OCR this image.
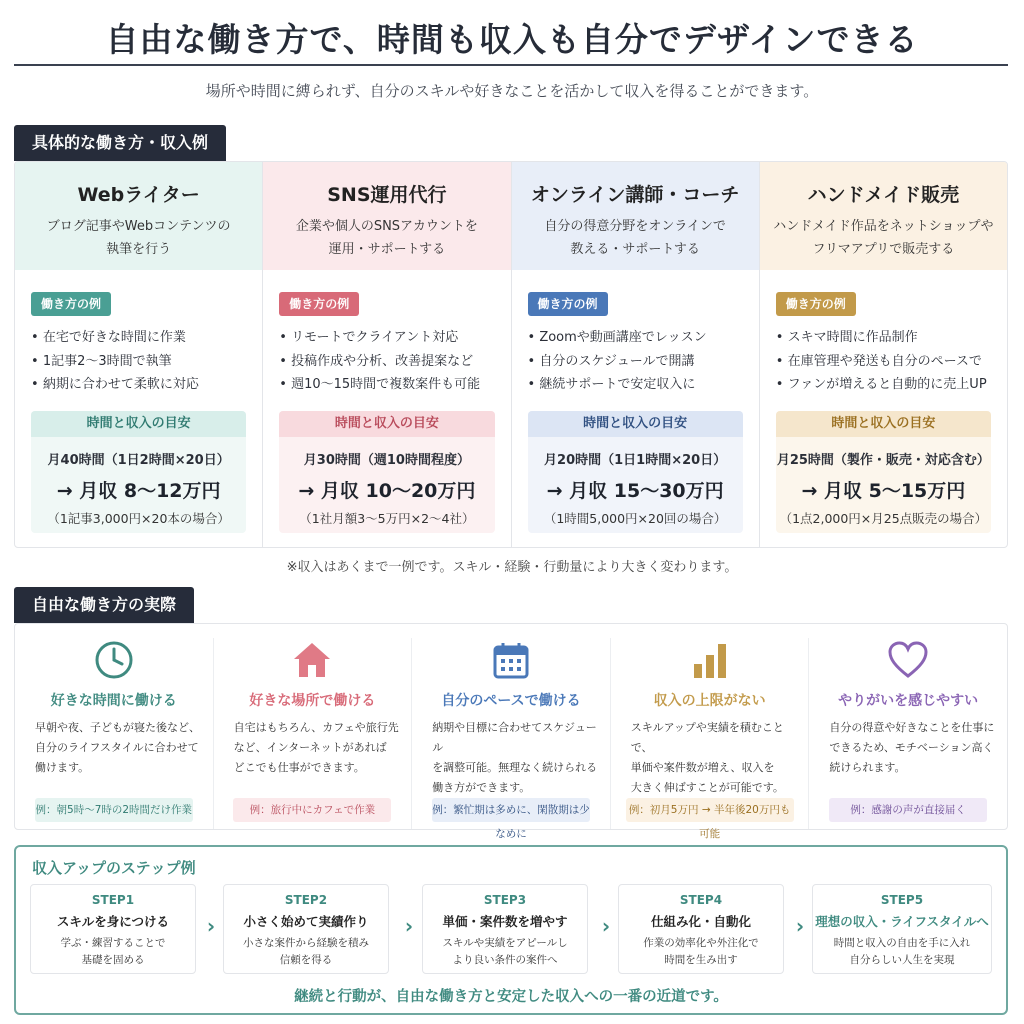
自由な働き方で、時間も収入も自分でデザインできる
場所や時間に縛られず、自分のスキルや好きなことを活かして収入を得ることができます。
具体的な働き方・収入例
Webライター
ブログ記事やWebコンテンツの
執筆を行う
働き方の例
• 在宅で好きな時間に作業
• 1記事2〜3時間で執筆
• 納期に合わせて柔軟に対応
時間と収入の目安
月40時間（1日2時間×20日）
→ 月収 8〜12万円
（1記事3,000円×20本の場合）
SNS運用代行
企業や個人のSNSアカウントを
運用・サポートする
働き方の例
• リモートでクライアント対応
• 投稿作成や分析、改善提案など
• 週10〜15時間で複数案件も可能
時間と収入の目安
月30時間（週10時間程度）
→ 月収 10〜20万円
（1社月額3〜5万円×2〜4社）
オンライン講師・コーチ
自分の得意分野をオンラインで
教える・サポートする
働き方の例
• Zoomや動画講座でレッスン
• 自分のスケジュールで開講
• 継続サポートで安定収入に
時間と収入の目安
月20時間（1日1時間×20日）
→ 月収 15〜30万円
（1時間5,000円×20回の場合）
ハンドメイド販売
ハンドメイド作品をネットショップや
フリマアプリで販売する
働き方の例
• スキマ時間に作品制作
• 在庫管理や発送も自分のペースで
• ファンが増えると自動的に売上UP
時間と収入の目安
月25時間（製作・販売・対応含む）
→ 月収 5〜15万円
（1点2,000円×月25点販売の場合）
※収入はあくまで一例です。スキル・経験・行動量により大きく変わります。
自由な働き方の実際
好きな時間に働ける
早朝や夜、子どもが寝た後など、
自分のライフスタイルに合わせて
働けます。
例：朝5時〜7時の2時間だけ作業
好きな場所で働ける
自宅はもちろん、カフェや旅行先
など、インターネットがあれば
どこでも仕事ができます。
例：旅行中にカフェで作業
自分のペースで働ける
納期や目標に合わせてスケジュール
を調整可能。無理なく続けられる
働き方ができます。
例：繁忙期は多めに、閑散期は少なめに
収入の上限がない
スキルアップや実績を積むことで、
単価や案件数が増え、収入を
大きく伸ばすことが可能です。
例：初月5万円 → 半年後20万円も可能
やりがいを感じやすい
自分の得意や好きなことを仕事に
できるため、モチベーション高く
続けられます。
例：感謝の声が直接届く
収入アップのステップ例
STEP1
スキルを身につける
学ぶ・練習することで
基礎を固める
›
STEP2
小さく始めて実績作り
小さな案件から経験を積み
信頼を得る
›
STEP3
単価・案件数を増やす
スキルや実績をアピールし
より良い条件の案件へ
›
STEP4
仕組み化・自動化
作業の効率化や外注化で
時間を生み出す
›
STEP5
理想の収入・ライフスタイルへ
時間と収入の自由を手に入れ
自分らしい人生を実現
継続と行動が、自由な働き方と安定した収入への一番の近道です。
